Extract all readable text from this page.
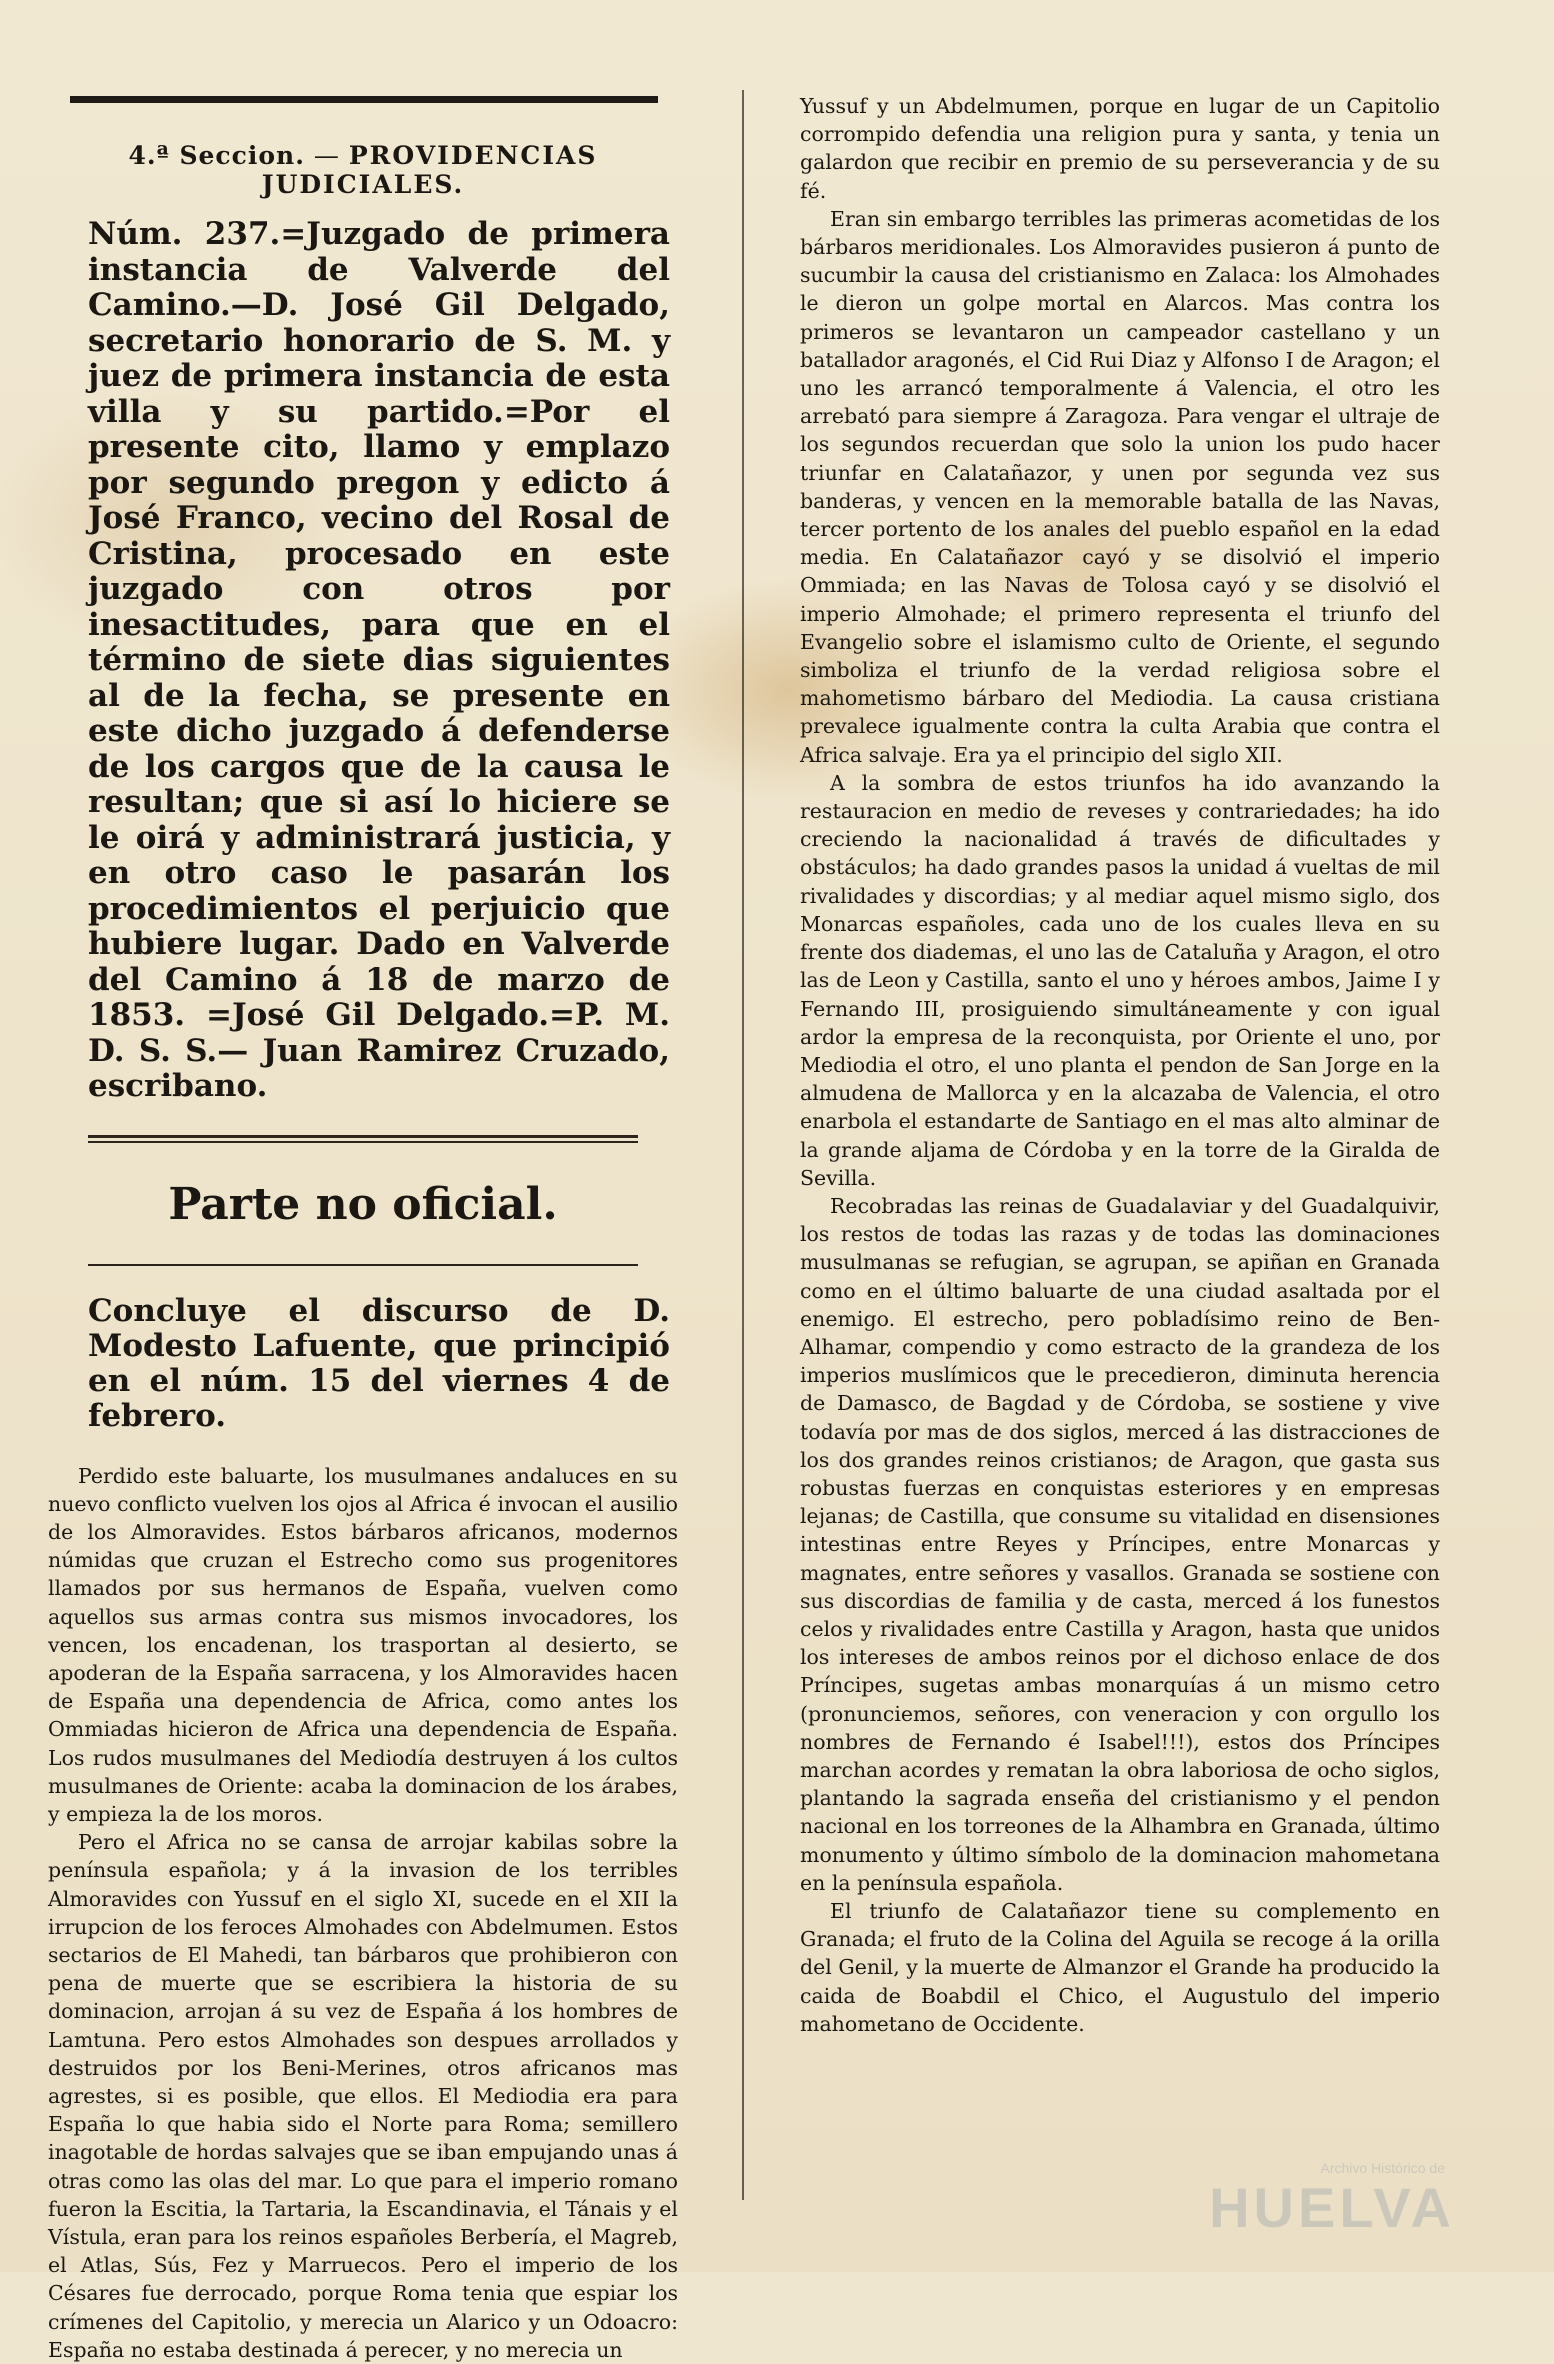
4.ª Seccion. — PROVIDENCIAS JUDICIALES.
Núm. 237.=Juzgado de primera instancia de Valverde del Camino.—D. José Gil Delgado, secretario honorario de S. M. y juez de primera instancia de esta villa y su partido.=Por el presente cito, llamo y emplazo por segundo pregon y edicto á José Franco, vecino del Rosal de Cristina, procesado en este juzgado con otros por inesactitudes, para que en el término de siete dias siguientes al de la fecha, se presente en este dicho juzgado á defenderse de los cargos que de la causa le resultan; que si así lo hiciere se le oirá y administrará justicia, y en otro caso le pasarán los procedimientos el perjuicio que hubiere lugar. Dado en Valverde del Camino á 18 de marzo de 1853. =José Gil Delgado.=P. M. D. S. S.— Juan Ramirez Cruzado, escribano.
Parte no oficial.
Concluye el discurso de D. Modesto Lafuente, que principió en el núm. 15 del viernes 4 de febrero.

Perdido este baluarte, los musulmanes andaluces en su nuevo conflicto vuelven los ojos al Africa é invocan el ausilio de los Almoravides. Estos bárbaros africanos, modernos númidas que cruzan el Estrecho como sus progenitores llamados por sus hermanos de España, vuelven como aquellos sus armas contra sus mismos invocadores, los vencen, los encadenan, los trasportan al desierto, se apoderan de la España sarracena, y los Almoravides hacen de España una dependencia de Africa, como antes los Ommiadas hicieron de Africa una dependencia de España. Los rudos musulmanes del Mediodía destruyen á los cultos musulmanes de Oriente: acaba la dominacion de los árabes, y empieza la de los moros.

Pero el Africa no se cansa de arrojar kabilas sobre la península española; y á la invasion de los terribles Almoravides con Yussuf en el siglo XI, sucede en el XII la irrupcion de los feroces Almohades con Abdelmumen. Estos sectarios de El Mahedi, tan bárbaros que prohibieron con pena de muerte que se escribiera la historia de su dominacion, arrojan á su vez de España á los hombres de Lamtuna. Pero estos Almohades son despues arrollados y destruidos por los Beni-Merines, otros africanos mas agrestes, si es posible, que ellos. El Mediodia era para España lo que habia sido el Norte para Roma; semillero inagotable de hordas salvajes que se iban empujando unas á otras como las olas del mar. Lo que para el imperio romano fueron la Escitia, la Tartaria, la Escandinavia, el Tánais y el Vístula, eran para los reinos españoles Berbería, el Magreb, el Atlas, Sús, Fez y Marruecos. Pero el imperio de los Césares fue derrocado, porque Roma tenia que espiar los crímenes del Capitolio, y merecia un Alarico y un Odoacro: España no estaba destinada á perecer, y no merecia un

Yussuf y un Abdelmumen, porque en lugar de un Capitolio corrompido defendia una religion pura y santa, y tenia un galardon que recibir en premio de su perseverancia y de su fé.

Eran sin embargo terribles las primeras acometidas de los bárbaros meridionales. Los Almoravides pusieron á punto de sucumbir la causa del cristianismo en Zalaca: los Almohades le dieron un golpe mortal en Alarcos. Mas contra los primeros se levantaron un campeador castellano y un batallador aragonés, el Cid Rui Diaz y Alfonso I de Aragon; el uno les arrancó temporalmente á Valencia, el otro les arrebató para siempre á Zaragoza. Para vengar el ultraje de los segundos recuerdan que solo la union los pudo hacer triunfar en Calatañazor, y unen por segunda vez sus banderas, y vencen en la memorable batalla de las Navas, tercer portento de los anales del pueblo español en la edad media. En Calatañazor cayó y se disolvió el imperio Ommiada; en las Navas de Tolosa cayó y se disolvió el imperio Almohade; el primero representa el triunfo del Evangelio sobre el islamismo culto de Oriente, el segundo simboliza el triunfo de la verdad religiosa sobre el mahometismo bárbaro del Mediodia. La causa cristiana prevalece igualmente contra la culta Arabia que contra el Africa salvaje. Era ya el principio del siglo XII.

A la sombra de estos triunfos ha ido avanzando la restauracion en medio de reveses y contrariedades; ha ido creciendo la nacionalidad á través de dificultades y obstáculos; ha dado grandes pasos la unidad á vueltas de mil rivalidades y discordias; y al mediar aquel mismo siglo, dos Monarcas españoles, cada uno de los cuales lleva en su frente dos diademas, el uno las de Cataluña y Aragon, el otro las de Leon y Castilla, santo el uno y héroes ambos, Jaime I y Fernando III, prosiguiendo simultáneamente y con igual ardor la empresa de la reconquista, por Oriente el uno, por Mediodia el otro, el uno planta el pendon de San Jorge en la almudena de Mallorca y en la alcazaba de Valencia, el otro enarbola el estandarte de Santiago en el mas alto alminar de la grande aljama de Córdoba y en la torre de la Giralda de Sevilla.

Recobradas las reinas de Guadalaviar y del Guadalquivir, los restos de todas las razas y de todas las dominaciones musulmanas se refugian, se agrupan, se apiñan en Granada como en el último baluarte de una ciudad asaltada por el enemigo. El estrecho, pero pobladísimo reino de Ben-Alhamar, compendio y como estracto de la grandeza de los imperios muslímicos que le precedieron, diminuta herencia de Damasco, de Bagdad y de Córdoba, se sostiene y vive todavía por mas de dos siglos, merced á las distracciones de los dos grandes reinos cristianos; de Aragon, que gasta sus robustas fuerzas en conquistas esteriores y en empresas lejanas; de Castilla, que consume su vitalidad en disensiones intestinas entre Reyes y Príncipes, entre Monarcas y magnates, entre señores y vasallos. Granada se sostiene con sus discordias de familia y de casta, merced á los funestos celos y rivalidades entre Castilla y Aragon, hasta que unidos los intereses de ambos reinos por el dichoso enlace de dos Príncipes, sugetas ambas monarquías á un mismo cetro (pronunciemos, señores, con veneracion y con orgullo los nombres de Fernando é Isabel!!!), estos dos Príncipes marchan acordes y rematan la obra laboriosa de ocho siglos, plantando la sagrada enseña del cristianismo y el pendon nacional en los torreones de la Alhambra en Granada, último monumento y último símbolo de la dominacion mahometana en la península española.

El triunfo de Calatañazor tiene su complemento en Granada; el fruto de la Colina del Aguila se recoge á la orilla del Genil, y la muerte de Almanzor el Grande ha producido la caida de Boabdil el Chico, el Augustulo del imperio mahometano de Occidente.

Archivo Histórico de
HUELVA
